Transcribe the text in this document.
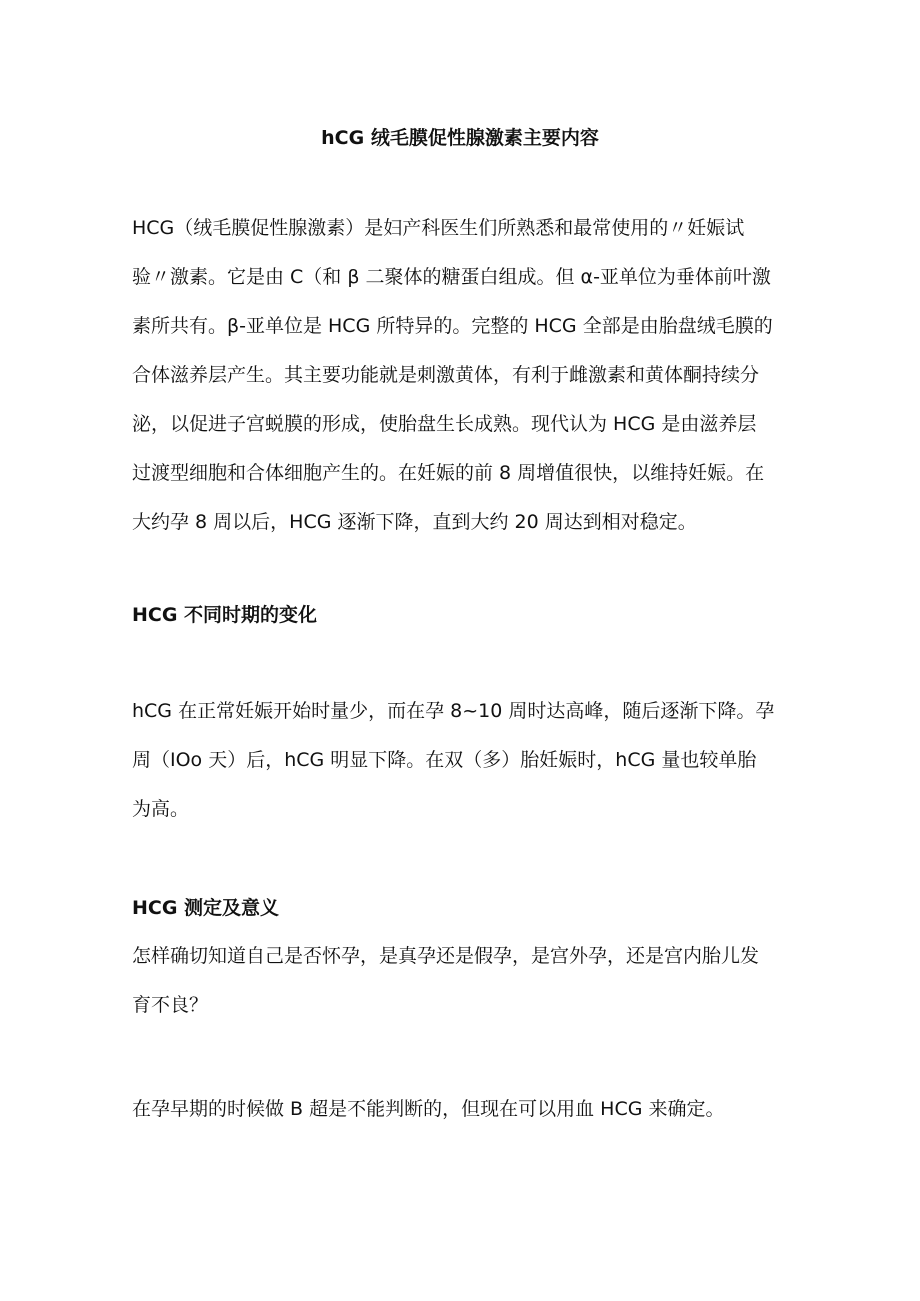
hCG 绒毛膜促性腺激素主要内容
HCG（绒毛膜促性腺激素）是妇产科医生们所熟悉和最常使用的〃妊娠试
验〃激素。它是由 C（和 β 二聚体的糖蛋白组成。但 α-亚单位为垂体前叶激
素所共有。β-亚单位是 HCG 所特异的。完整的 HCG 全部是由胎盘绒毛膜的
合体滋养层产生。其主要功能就是刺激黄体，有利于雌激素和黄体酮持续分
泌，以促进子宫蜕膜的形成，使胎盘生长成熟。现代认为 HCG 是由滋养层
过渡型细胞和合体细胞产生的。在妊娠的前 8 周增值很快，以维持妊娠。在
大约孕 8 周以后，HCG 逐渐下降，直到大约 20 周达到相对稳定。
HCG 不同时期的变化
hCG 在正常妊娠开始时量少，而在孕 8~10 周时达高峰，随后逐渐下降。孕
周（IOo 天）后，hCG 明显下降。在双（多）胎妊娠时，hCG 量也较单胎
为高。
HCG 测定及意义
怎样确切知道自己是否怀孕，是真孕还是假孕，是宫外孕，还是宫内胎儿发
育不良？
在孕早期的时候做 B 超是不能判断的，但现在可以用血 HCG 来确定。
